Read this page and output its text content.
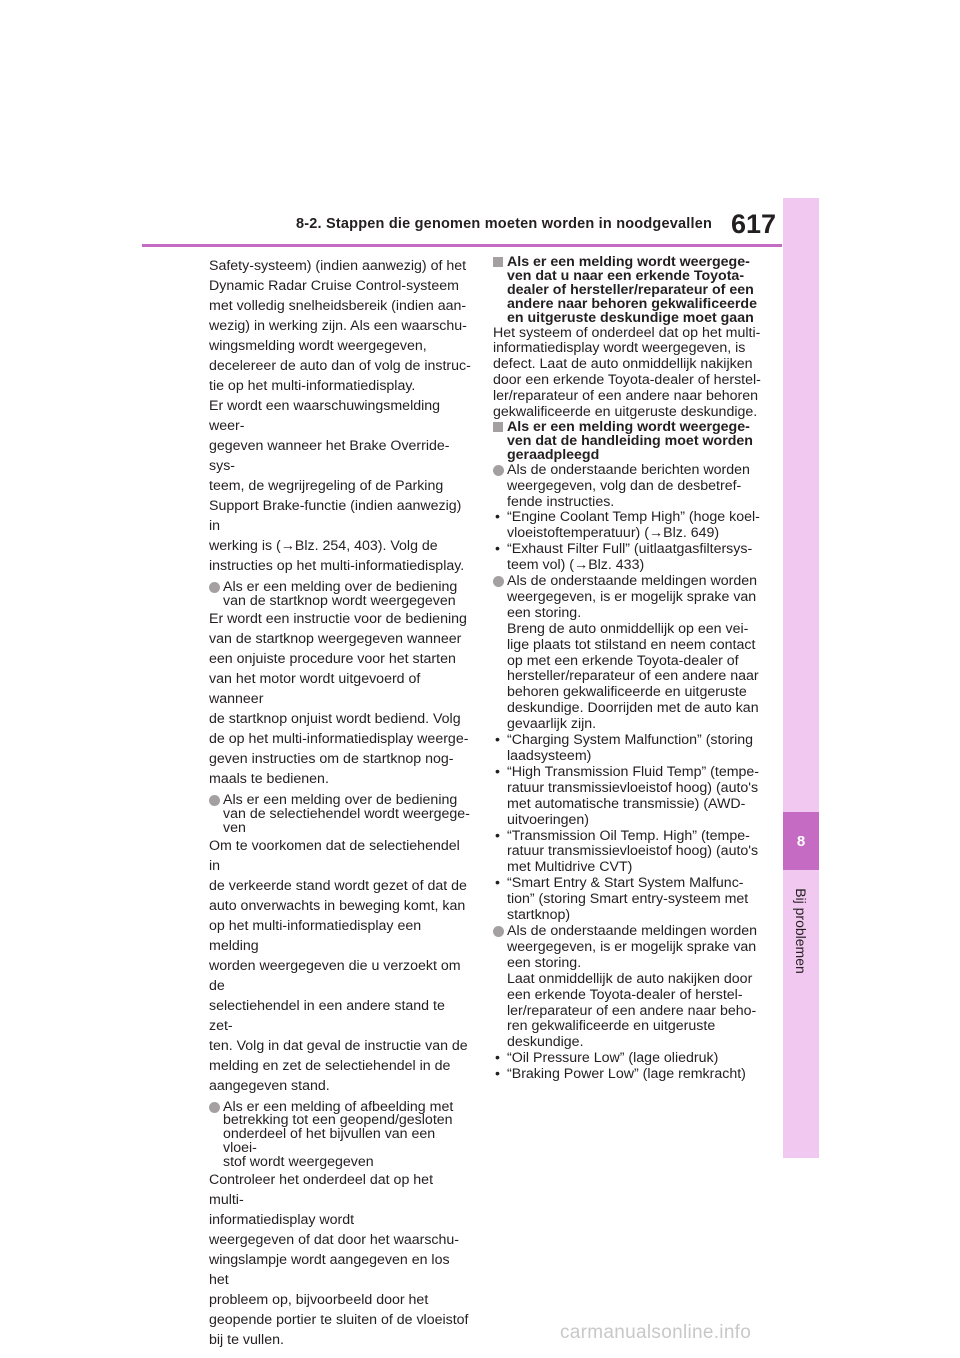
8-2. Stappen die genomen moeten worden in noodgevallen 617
8
Bij problemen
Safety-systeem) (indien aanwezig) of het
Dynamic Radar Cruise Control-systeem
met volledig snelheidsbereik (indien aan-
wezig) in werking zijn. Als een waarschu-
wingsmelding wordt weergegeven,
decelereer de auto dan of volg de instruc-
tie op het multi-informatiedisplay.
Er wordt een waarschuwingsmelding weer-
gegeven wanneer het Brake Override-sys-
teem, de wegrijregeling of de Parking
Support Brake-functie (indien aanwezig) in
werking is (→Blz. 254, 403). Volg de
instructies op het multi-informatiedisplay.
Als er een melding over de bediening
van de startknop wordt weergegeven
Er wordt een instructie voor de bediening
van de startknop weergegeven wanneer
een onjuiste procedure voor het starten
van het motor wordt uitgevoerd of wanneer
de startknop onjuist wordt bediend. Volg
de op het multi-informatiedisplay weerge-
geven instructies om de startknop nog-
maals te bedienen.
Als er een melding over de bediening
van de selectiehendel wordt weergege-
ven
Om te voorkomen dat de selectiehendel in
de verkeerde stand wordt gezet of dat de
auto onverwachts in beweging komt, kan
op het multi-informatiedisplay een melding
worden weergegeven die u verzoekt om de
selectiehendel in een andere stand te zet-
ten. Volg in dat geval de instructie van de
melding en zet de selectiehendel in de
aangegeven stand.
Als er een melding of afbeelding met
betrekking tot een geopend/gesloten
onderdeel of het bijvullen van een vloei-
stof wordt weergegeven
Controleer het onderdeel dat op het multi-
informatiedisplay wordt
weergegeven of dat door het waarschu-
wingslampje wordt aangegeven en los het
probleem op, bijvoorbeeld door het
geopende portier te sluiten of de vloeistof
bij te vullen.
Als er een melding wordt weergege-
ven dat u naar een erkende Toyota-
dealer of hersteller/reparateur of een
andere naar behoren gekwalificeerde
en uitgeruste deskundige moet gaan
Het systeem of onderdeel dat op het multi-
informatiedisplay wordt weergegeven, is
defect. Laat de auto onmiddellijk nakijken
door een erkende Toyota-dealer of herstel-
ler/reparateur of een andere naar behoren
gekwalificeerde en uitgeruste deskundige.
Als er een melding wordt weergege-
ven dat de handleiding moet worden
geraadpleegd
Als de onderstaande berichten worden
weergegeven, volg dan de desbetref-
fende instructies.
• “Engine Coolant Temp High” (hoge koel-
vloeistoftemperatuur) (→Blz. 649)
• “Exhaust Filter Full” (uitlaatgasfiltersys-
teem vol) (→Blz. 433)
Als de onderstaande meldingen worden
weergegeven, is er mogelijk sprake van
een storing.
Breng de auto onmiddellijk op een vei-
lige plaats tot stilstand en neem contact
op met een erkende Toyota-dealer of
hersteller/reparateur of een andere naar
behoren gekwalificeerde en uitgeruste
deskundige. Doorrijden met de auto kan
gevaarlijk zijn.
• “Charging System Malfunction” (storing
laadsysteem)
• “High Transmission Fluid Temp” (tempe-
ratuur transmissievloeistof hoog) (auto's
met automatische transmissie) (AWD-
uitvoeringen)
• “Transmission Oil Temp. High” (tempe-
ratuur transmissievloeistof hoog) (auto's
met Multidrive CVT)
• “Smart Entry & Start System Malfunc-
tion” (storing Smart entry-systeem met
startknop)
Als de onderstaande meldingen worden
weergegeven, is er mogelijk sprake van
een storing.
Laat onmiddellijk de auto nakijken door
een erkende Toyota-dealer of herstel-
ler/reparateur of een andere naar beho-
ren gekwalificeerde en uitgeruste
deskundige.
• “Oil Pressure Low” (lage oliedruk)
• “Braking Power Low” (lage remkracht)
carmanualsonline.info
